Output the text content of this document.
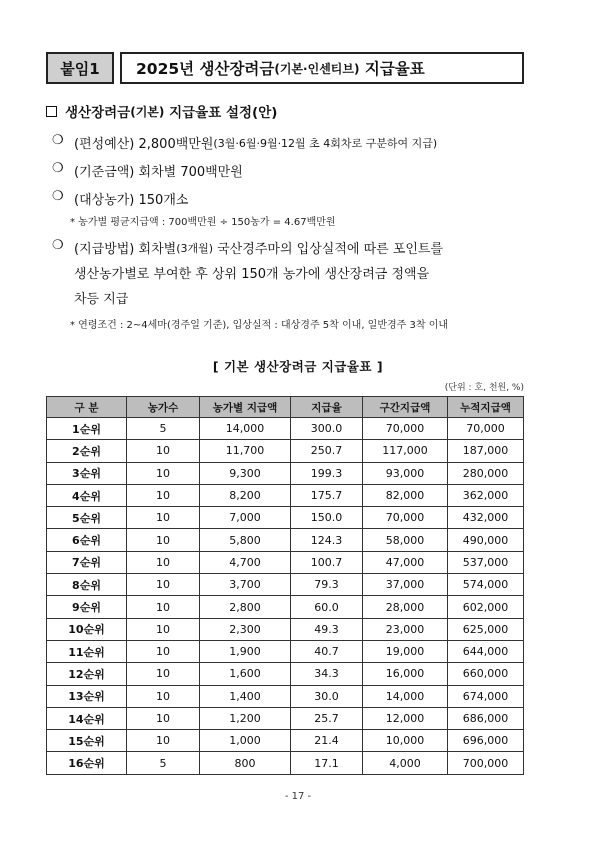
붙임1	2025년 생산장려금 (기본·인센티브) 지급율표
생산장려금 (기본) 지급율표 설정(안)
❍ (편성예산) 2,800백만원 (3월·6월·9월·12월 초 4회차로 구분하여 지급)
❍ (기준금액) 회차별 700백만원
❍ (대상농가) 150개소
* 농가별 평균지급액 : 700백만원 ÷ 150농가 = 4.67백만원
❍ (지급방법) 회차별 (3개월) 국산경주마의 입상실적에 따른 포인트를
생산농가별로 부여한 후 상위 150개 농가에 생산장려금 정액을
차등 지급
* 연령조건 : 2~4세마(경주일 기준), 입상실적 : 대상경주 5착 이내, 일반경주 3착 이내
[ 기본 생산장려금 지급율표 ]
(단위 : 호, 천원, %)
구 분	농가수	농가별 지급액	지급율	구간지급액	누적지급액
1순위	5	14,000	300.0	70,000	70,000
2순위	10	11,700	250.7	117,000	187,000
3순위	10	9,300	199.3	93,000	280,000
4순위	10	8,200	175.7	82,000	362,000
5순위	10	7,000	150.0	70,000	432,000
6순위	10	5,800	124.3	58,000	490,000
7순위	10	4,700	100.7	47,000	537,000
8순위	10	3,700	79.3	37,000	574,000
9순위	10	2,800	60.0	28,000	602,000
10순위	10	2,300	49.3	23,000	625,000
11순위	10	1,900	40.7	19,000	644,000
12순위	10	1,600	34.3	16,000	660,000
13순위	10	1,400	30.0	14,000	674,000
14순위	10	1,200	25.7	12,000	686,000
15순위	10	1,000	21.4	10,000	696,000
16순위	5	800	17.1	4,000	700,000
- 17 -
